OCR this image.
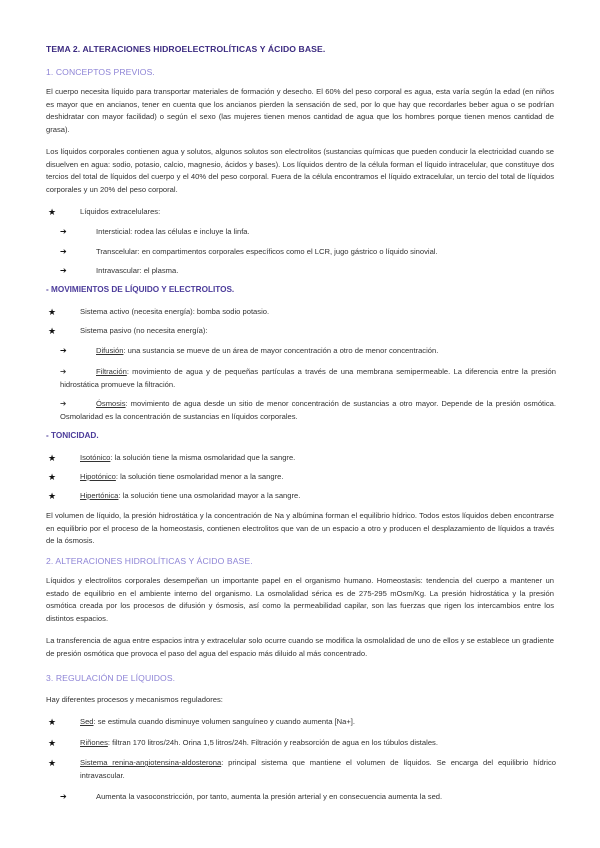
TEMA 2. ALTERACIONES HIDROELECTROLÍTICAS Y ÁCIDO BASE.
1. CONCEPTOS PREVIOS.
El cuerpo necesita líquido para transportar materiales de formación y desecho. El 60% del peso corporal es agua, esta varía según la edad (en niños es mayor que en ancianos, tener en cuenta que los ancianos pierden la sensación de sed, por lo que hay que recordarles beber agua o se podrían deshidratar con mayor facilidad) o según el sexo (las mujeres tienen menos cantidad de agua que los hombres porque tienen menos cantidad de grasa).
Los líquidos corporales contienen agua y solutos, algunos solutos son electrolitos (sustancias químicas que pueden conducir la electricidad cuando se disuelven en agua: sodio, potasio, calcio, magnesio, ácidos y bases). Los líquidos dentro de la célula forman el líquido intracelular, que constituye dos tercios del total de líquidos del cuerpo y el 40% del peso corporal. Fuera de la célula encontramos el líquido extracelular, un tercio del total de líquidos corporales y un 20% del peso corporal.
★	Líquidos extracelulares:
➔	Intersticial: rodea las células e incluye la linfa.
➔	Transcelular: en compartimentos corporales específicos como el LCR, jugo gástrico o líquido sinovial.
➔	Intravascular: el plasma.
- MOVIMIENTOS DE LÍQUIDO Y ELECTROLITOS.
★	Sistema activo (necesita energía): bomba sodio potasio.
★	Sistema pasivo (no necesita energía):
➔	Difusión: una sustancia se mueve de un área de mayor concentración a otro de menor concentración.
➔	Filtración: movimiento de agua y de pequeñas partículas a través de una membrana semipermeable. La diferencia entre la presión hidrostática promueve la filtración.
➔	Ósmosis: movimiento de agua desde un sitio de menor concentración de sustancias a otro mayor. Depende de la presión osmótica. Osmolaridad es la concentración de sustancias en líquidos corporales.
- TONICIDAD.
★	Isotónico: la solución tiene la misma osmolaridad que la sangre.
★	Hipotónico: la solución tiene osmolaridad menor a la sangre.
★	Hipertónica: la solución tiene una osmolaridad mayor a la sangre.
El volumen de líquido, la presión hidrostática y la concentración de Na y albúmina forman el equilibrio hídrico. Todos estos líquidos deben encontrarse en equilibrio por el proceso de la homeostasis, contienen electrolitos que van de un espacio a otro y producen el desplazamiento de líquidos a través de la ósmosis.
2. ALTERACIONES HIDROLÍTICAS Y ÁCIDO BASE.
Líquidos y electrolitos corporales desempeñan un importante papel en el organismo humano. Homeostasis: tendencia del cuerpo a mantener un estado de equilibrio en el ambiente interno del organismo. La osmolalidad sérica es de 275-295 mOsm/Kg. La presión hidrostática y la presión osmótica creada por los procesos de difusión y ósmosis, así como la permeabilidad capilar, son las fuerzas que rigen los intercambios entre los distintos espacios.
La transferencia de agua entre espacios intra y extracelular solo ocurre cuando se modifica la osmolalidad de uno de ellos y se establece un gradiente de presión osmótica que provoca el paso del agua del espacio más diluido al más concentrado.
3. REGULACIÓN DE LÍQUIDOS.
Hay diferentes procesos y mecanismos reguladores:
★	Sed: se estimula cuando disminuye volumen sanguíneo y cuando aumenta [Na+].
★	Riñones: filtran 170 litros/24h. Orina 1,5 litros/24h. Filtración y reabsorción de agua en los túbulos distales.
★	Sistema renina-angiotensina-aldosterona: principal sistema que mantiene el volumen de líquidos. Se encarga del equilibrio hídrico intravascular.
➔	Aumenta la vasoconstricción, por tanto, aumenta la presión arterial y en consecuencia aumenta la sed.
